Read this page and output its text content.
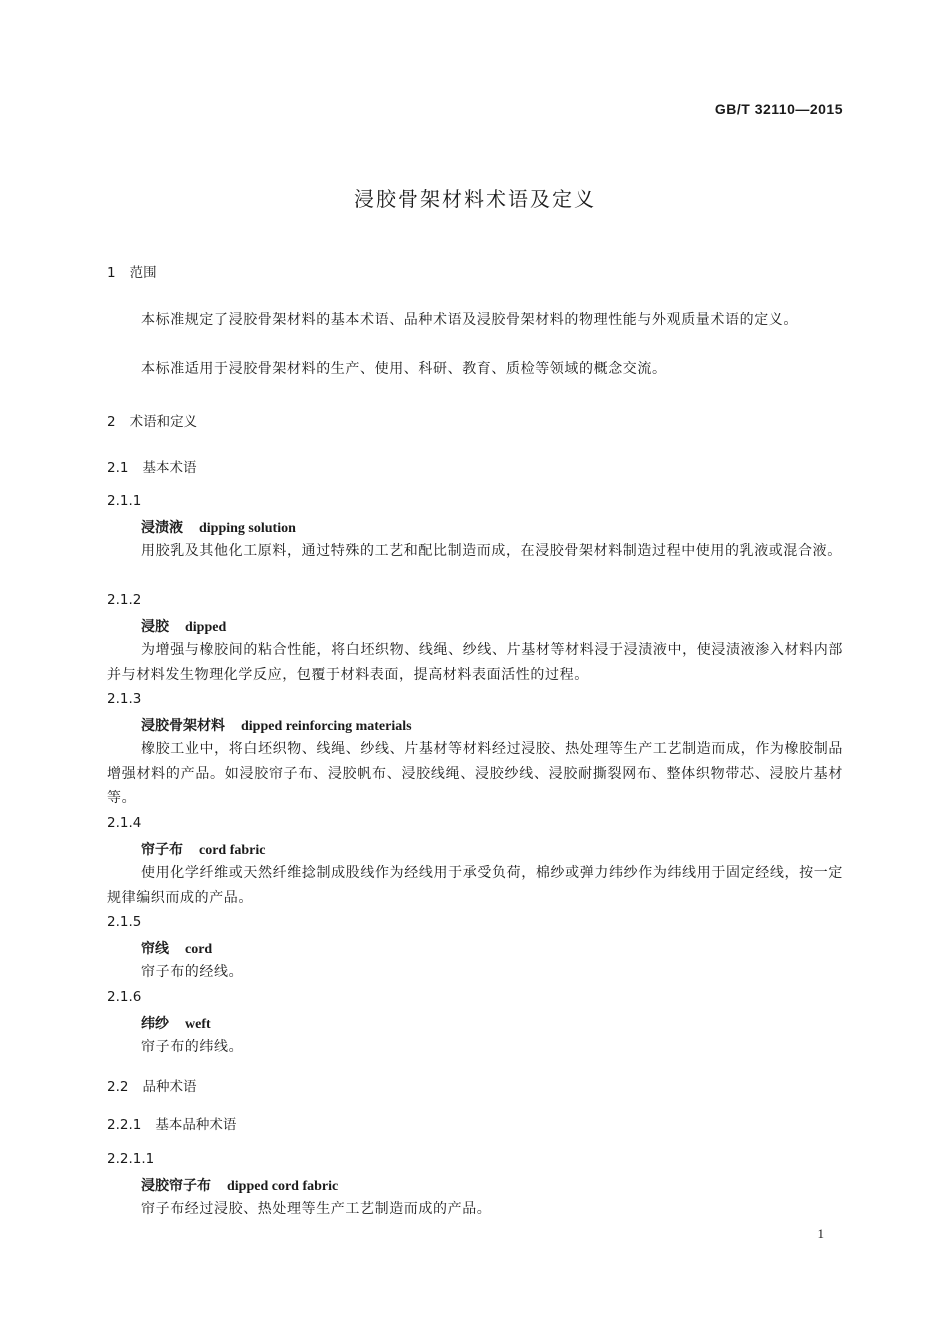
GB/T 32110—2015
浸胶骨架材料术语及定义
1 范围
本标准规定了浸胶骨架材料的基本术语、品种术语及浸胶骨架材料的物理性能与外观质量术语的定义。
本标准适用于浸胶骨架材料的生产、使用、科研、教育、质检等领域的概念交流。
2 术语和定义
2.1 基本术语
2.1.1
浸渍液 dipping solution
用胶乳及其他化工原料，通过特殊的工艺和配比制造而成，在浸胶骨架材料制造过程中使用的乳液或混合液。
2.1.2
浸胶 dipped
为增强与橡胶间的粘合性能，将白坯织物、线绳、纱线、片基材等材料浸于浸渍液中，使浸渍液渗入材料内部并与材料发生物理化学反应，包覆于材料表面，提高材料表面活性的过程。
2.1.3
浸胶骨架材料 dipped reinforcing materials
橡胶工业中，将白坯织物、线绳、纱线、片基材等材料经过浸胶、热处理等生产工艺制造而成，作为橡胶制品增强材料的产品。如浸胶帘子布、浸胶帆布、浸胶线绳、浸胶纱线、浸胶耐撕裂网布、整体织物带芯、浸胶片基材等。
2.1.4
帘子布 cord fabric
使用化学纤维或天然纤维捻制成股线作为经线用于承受负荷，棉纱或弹力纬纱作为纬线用于固定经线，按一定规律编织而成的产品。
2.1.5
帘线 cord
帘子布的经线。
2.1.6
纬纱 weft
帘子布的纬线。
2.2 品种术语
2.2.1 基本品种术语
2.2.1.1
浸胶帘子布 dipped cord fabric
帘子布经过浸胶、热处理等生产工艺制造而成的产品。
1
